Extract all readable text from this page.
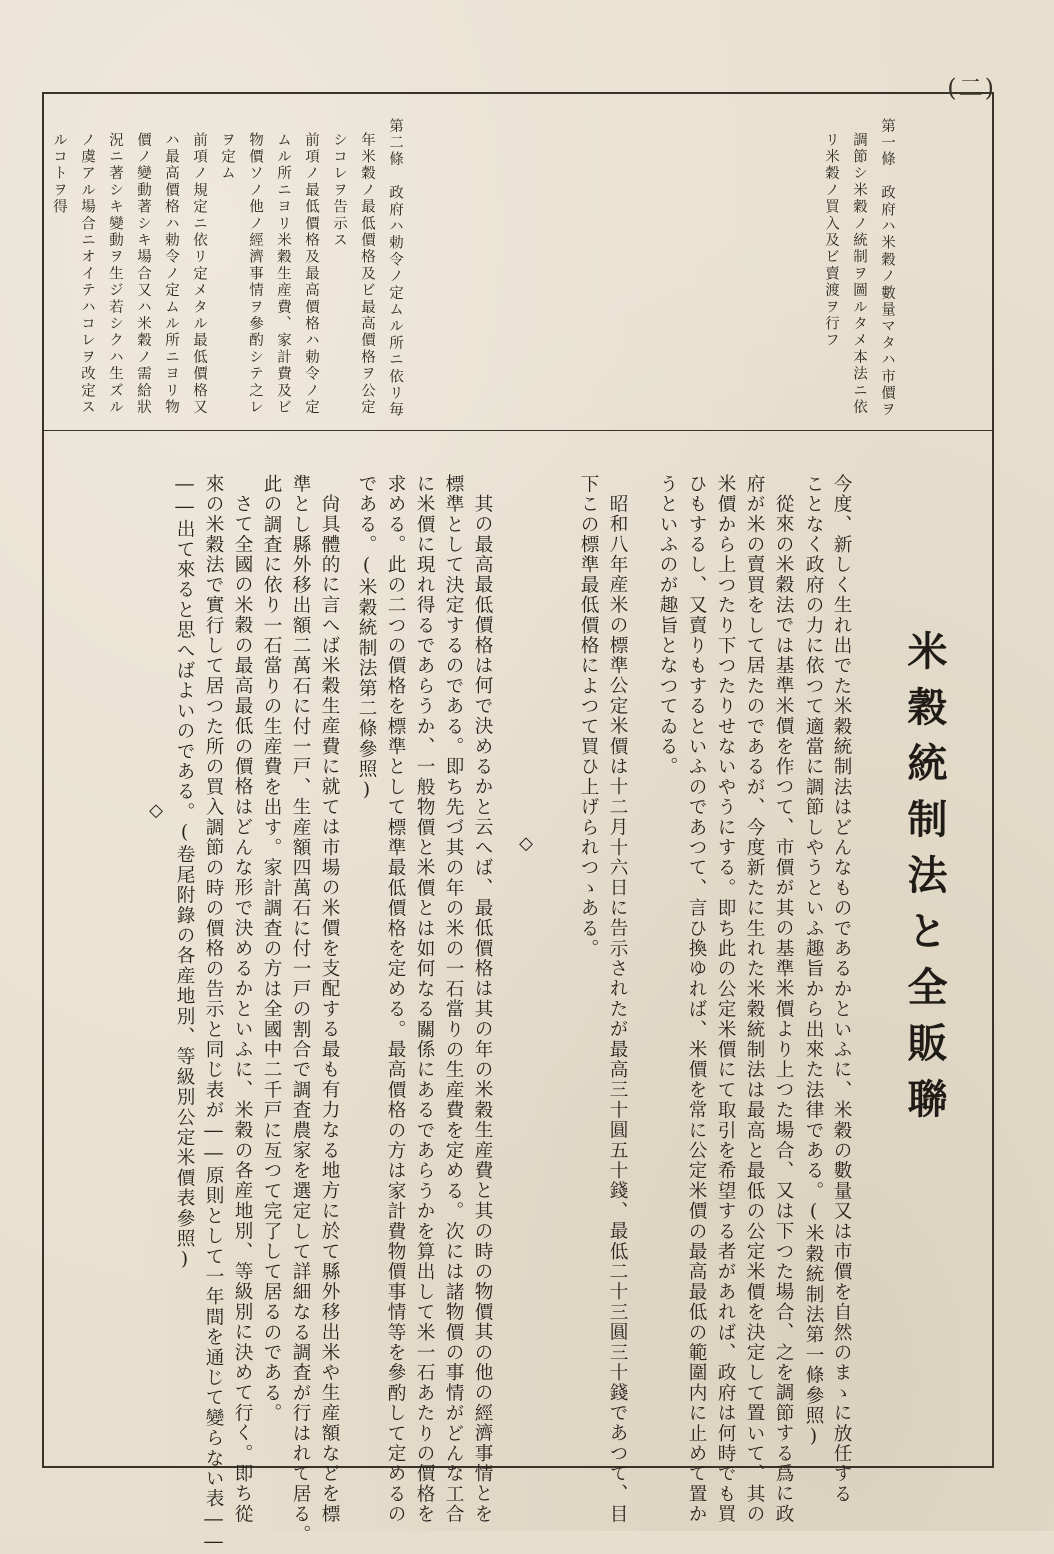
(二)
第一條　政府ハ米穀ノ數量マタハ市價ヲ
調節シ米穀ノ統制ヲ圖ルタメ本法ニ依
リ米穀ノ買入及ビ賣渡ヲ行フ
第二條　政府ハ勅令ノ定ムル所ニ依リ毎
年米穀ノ最低價格及ビ最高價格ヲ公定
シコレヲ告示ス
前項ノ最低價格及最高價格ハ勅令ノ定
ムル所ニヨリ米穀生産費、家計費及ビ
物價ソノ他ノ經濟事情ヲ參酌シテ之レ
ヲ定ム
前項ノ規定ニ依リ定メタル最低價格又
ハ最高價格ハ勅令ノ定ムル所ニヨリ物
價ノ變動著シキ場合又ハ米穀ノ需給狀
況ニ著シキ變動ヲ生ジ若シクハ生ズル
ノ虞アル場合ニオイテハコレヲ改定ス
ルコトヲ得
米穀統制法と全販聯
今度、新しく生れ出でた米穀統制法はどんなものであるかといふに、米穀の數量又は市價を自然のまゝに放任する
ことなく政府の力に依つて適當に調節しやうといふ趣旨から出來た法律である。(米穀統制法第一條參照)
從來の米穀法では基準米價を作つて、市價が其の基準米價より上つた場合、又は下つた場合、之を調節する爲に政
府が米の賣買をして居たのであるが、今度新たに生れた米穀統制法は最高と最低の公定米價を決定して置いて、其の
米價から上つたり下つたりせないやうにする。即ち此の公定米價にて取引を希望する者があれば、政府は何時でも買
ひもするし、又賣りもするといふのであつて、言ひ換ゆれば、米價を常に公定米價の最高最低の範圍内に止めて置か
うといふのが趣旨となつてゐる。
昭和八年産米の標準公定米價は十二月十六日に告示されたが最高三十圓五十錢、最低二十三圓三十錢であつて、目
下この標準最低價格によつて買ひ上げられつゝある。
◇
其の最高最低價格は何で決めるかと云へば、最低價格は其の年の米穀生産費と其の時の物價其の他の經濟事情とを
標準として決定するのである。即ち先づ其の年の米の一石當りの生産費を定める。次には諸物價の事情がどんな工合
に米價に現れ得るであらうか、一般物價と米價とは如何なる關係にあるであらうかを算出して米一石あたりの價格を
求める。此の二つの價格を標準として標準最低價格を定める。最高價格の方は家計費物價事情等を參酌して定めるの
である。(米穀統制法第二條參照)
尙具體的に言へば米穀生産費に就ては市場の米價を支配する最も有力なる地方に於て縣外移出米や生産額などを標
準とし縣外移出額二萬石に付一戸、生産額四萬石に付一戸の割合で調査農家を選定して詳細なる調査が行はれて居る。
此の調査に依り一石當りの生産費を出す。家計調査の方は全國中二千戸に亙つて完了して居るのである。
さて全國の米穀の最高最低の價格はどんな形で決めるかといふに、米穀の各産地別、等級別に決めて行く。即ち從
來の米穀法で實行して居つた所の買入調節の時の價格の告示と同じ表が――原則として一年間を通じて變らない表――
――出て來ると思へばよいのである。(卷尾附錄の各産地別、等級別公定米價表參照)
◇
